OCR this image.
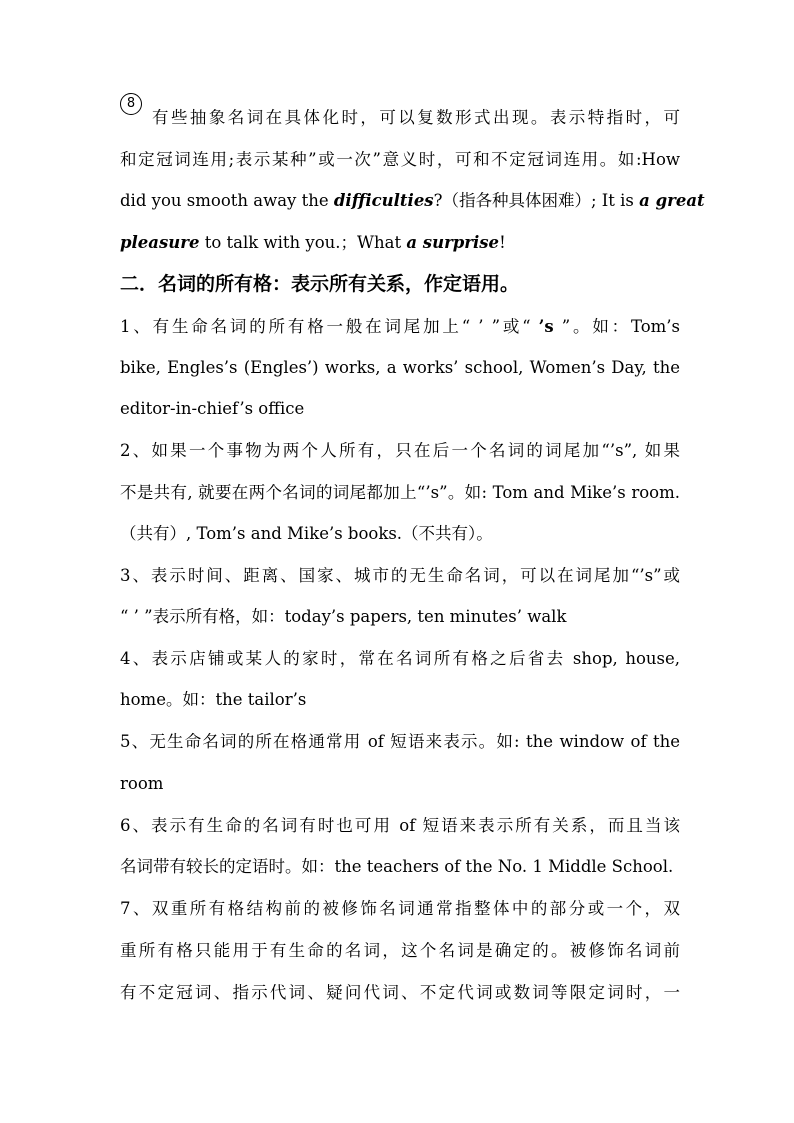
8
有些抽象名词在具体化时，可以复数形式出现。表示特指时，可
和定冠词连用;表示某种”或一次”意义时，可和不定冠词连用。如:How
did you smooth away the difficulties?（指各种具体困难）; It is a great
pleasure to talk with you.；What a surprise!
二．名词的所有格：表示所有关系，作定语用。
1、有生命名词的所有格一般在词尾加上“ ’ ”或“ ’s ”。如：Tom’s
bike, Engles’s (Engles’) works, a works’ school, Women’s Day, the
editor-in-chief’s office
2、如果一个事物为两个人所有，只在后一个名词的词尾加“’s”, 如果
不是共有, 就要在两个名词的词尾都加上“’s”。如: Tom and Mike’s room.
（共有）, Tom’s and Mike’s books.（不共有）。
3、表示时间、距离、国家、城市的无生命名词，可以在词尾加“’s”或
“ ’ ”表示所有格，如：today’s papers, ten minutes’ walk
4、表示店铺或某人的家时，常在名词所有格之后省去 shop, house,
home。如：the tailor’s
5、无生命名词的所在格通常用 of 短语来表示。如: the window of the
room
6、表示有生命的名词有时也可用 of 短语来表示所有关系，而且当该
名词带有较长的定语时。如：the teachers of the No. 1 Middle School.
7、双重所有格结构前的被修饰名词通常指整体中的部分或一个，双
重所有格只能用于有生命的名词，这个名词是确定的。被修饰名词前
有不定冠词、指示代词、疑问代词、不定代词或数词等限定词时，一
